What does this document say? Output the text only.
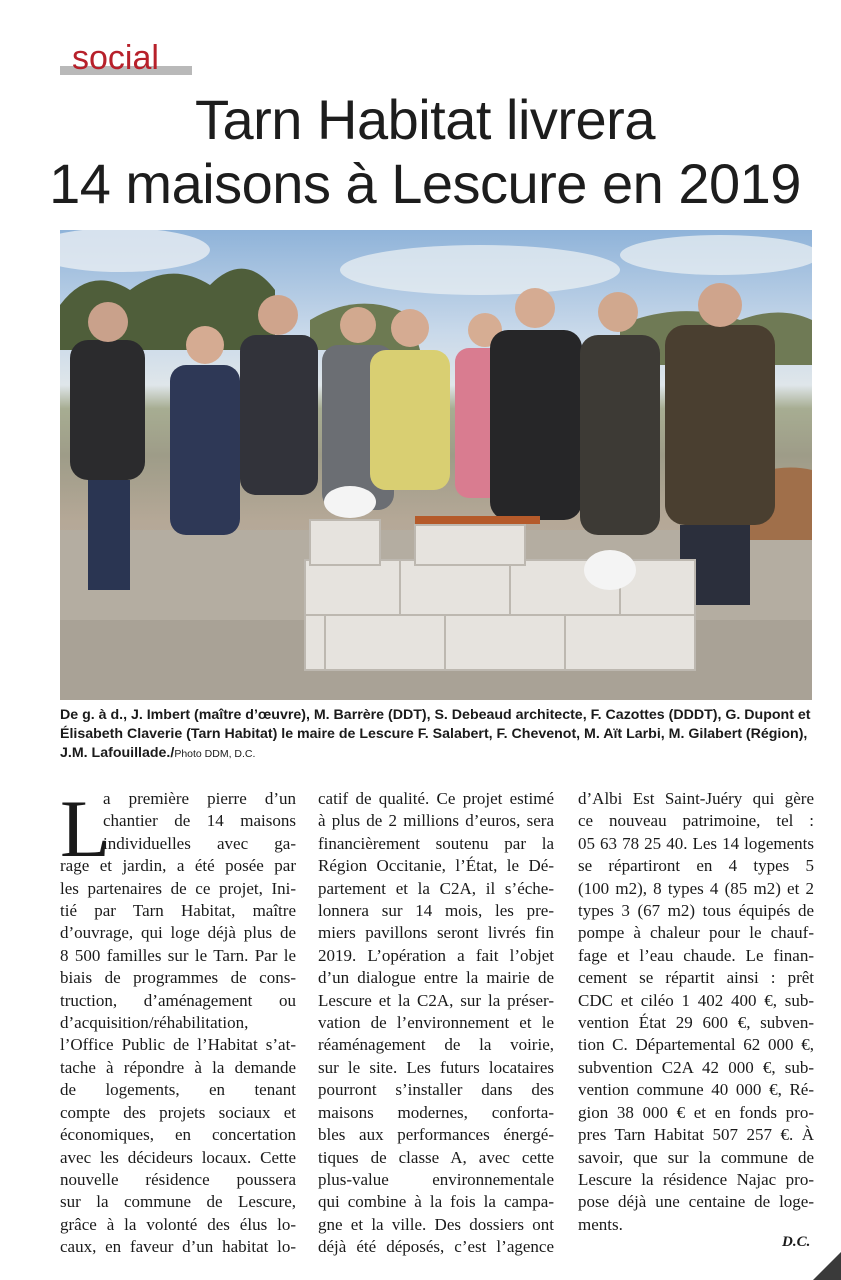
social
Tarn Habitat livrera
14 maisons à Lescure en 2019
De g. à d., J. Imbert (maître d’œuvre), M. Barrère (DDT), S. Debeaud architecte, F. Cazottes (DDDT), G. Dupont et Élisabeth Claverie (Tarn Habitat) le maire de Lescure F. Salabert, F. Chevenot, M. Aït Larbi, M. Gilabert (Région), J.M. Lafouillade./Photo DDM, D.C.
L
a première pierre d’un
chantier de 14 maisons
individuelles avec ga-
rage et jardin, a été posée par
les partenaires de ce projet, Ini-
tié par Tarn Habitat, maître
d’ouvrage, qui loge déjà plus de
8 500 familles sur le Tarn. Par le
biais de programmes de cons-
truction, d’aménagement ou
d’acquisition/réhabilitation,
l’Office Public de l’Habitat s’at-
tache à répondre à la demande
de logements, en tenant
compte des projets sociaux et
économiques, en concertation
avec les décideurs locaux. Cette
nouvelle résidence poussera
sur la commune de Lescure,
grâce à la volonté des élus lo-
caux, en faveur d’un habitat lo-
catif de qualité. Ce projet estimé
à plus de 2 millions d’euros, sera
financièrement soutenu par la
Région Occitanie, l’État, le Dé-
partement et la C2A, il s’éche-
lonnera sur 14 mois, les pre-
miers pavillons seront livrés fin
2019. L’opération a fait l’objet
d’un dialogue entre la mairie de
Lescure et la C2A, sur la préser-
vation de l’environnement et le
réaménagement de la voirie,
sur le site. Les futurs locataires
pourront s’installer dans des
maisons modernes, conforta-
bles aux performances énergé-
tiques de classe A, avec cette
plus-value environnementale
qui combine à la fois la campa-
gne et la ville. Des dossiers ont
déjà été déposés, c’est l’agence
d’Albi Est Saint-Juéry qui gère
ce nouveau patrimoine, tel :
05 63 78 25 40. Les 14 logements
se répartiront en 4 types 5
(100 m2), 8 types 4 (85 m2) et 2
types 3 (67 m2) tous équipés de
pompe à chaleur pour le chauf-
fage et l’eau chaude. Le finan-
cement se répartit ainsi : prêt
CDC et ciléo 1 402 400 €, sub-
vention État 29 600 €, subven-
tion C. Départemental 62 000 €,
subvention C2A 42 000 €, sub-
vention commune 40 000 €, Ré-
gion 38 000 € et en fonds pro-
pres Tarn Habitat 507 257 €. À
savoir, que sur la commune de
Lescure la résidence Najac pro-
pose déjà une centaine de loge-
ments.
D.C.
